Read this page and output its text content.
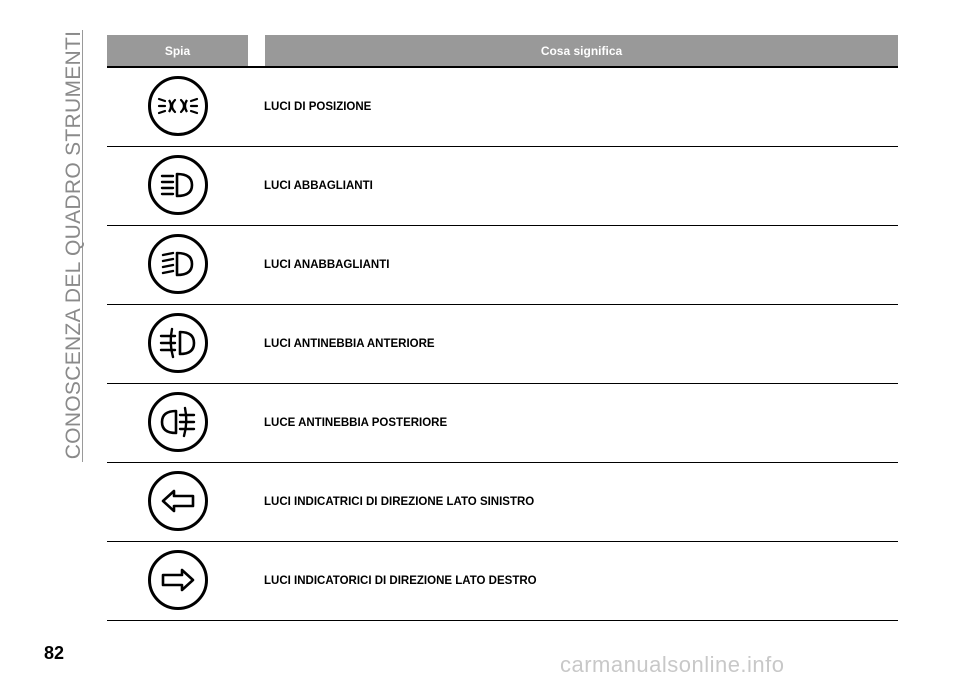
CONOSCENZA DEL QUADRO STRUMENTI	Spia	Cosa significa
LUCI DI POSIZIONE
LUCI ABBAGLIANTI
LUCI ANABBAGLIANTI
LUCI ANTINEBBIA ANTERIORE
LUCE ANTINEBBIA POSTERIORE
LUCI INDICATRICI DI DIREZIONE LATO SINISTRO
LUCI INDICATORICI DI DIREZIONE LATO DESTRO
82	carmanualsonline.info
